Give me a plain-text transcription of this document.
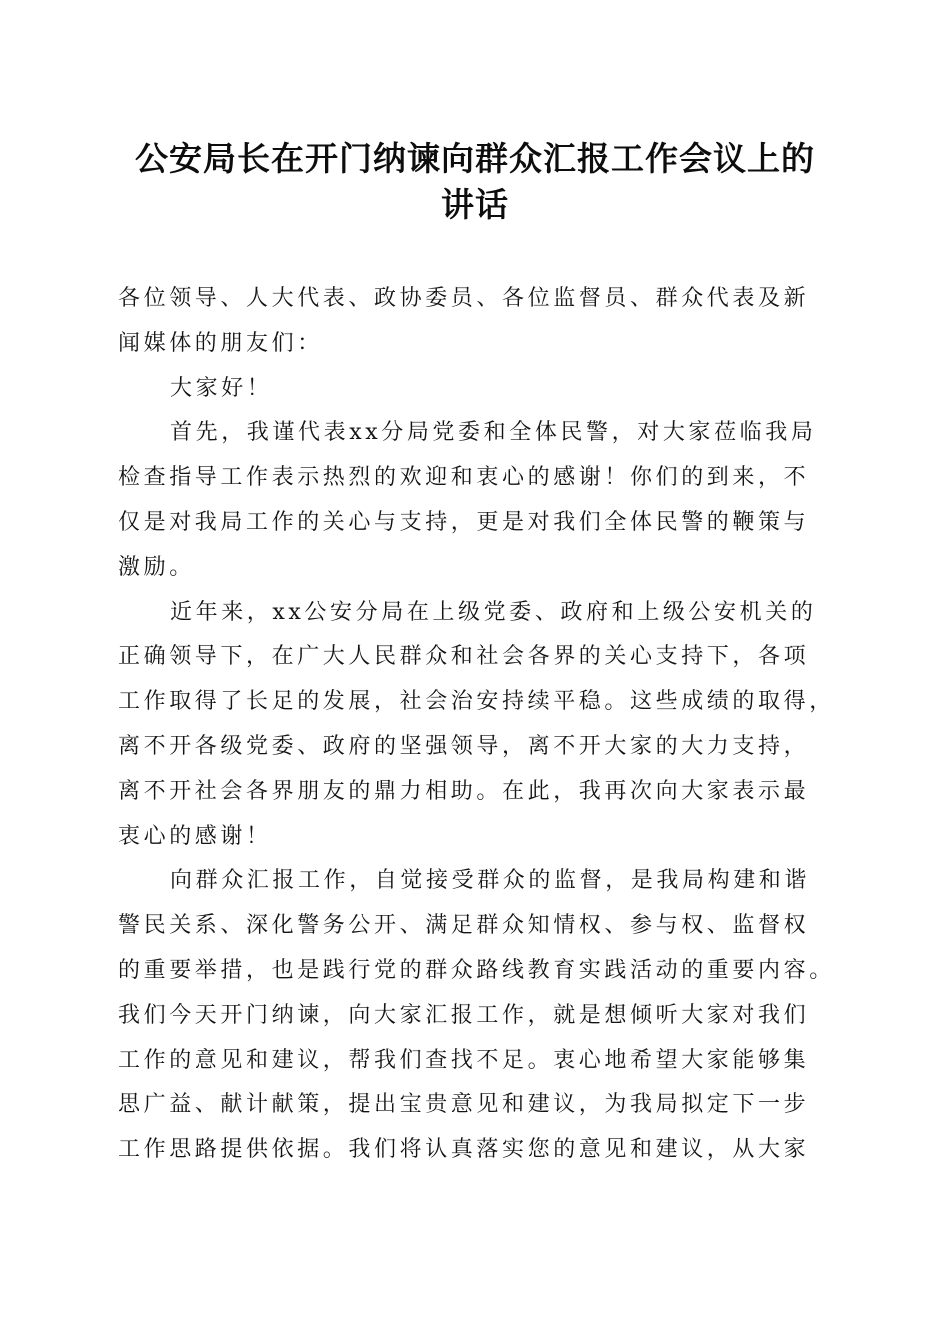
公安局长在开门纳谏向群众汇报工作会议上的
讲话
各位领导、人大代表、政协委员、各位监督员、群众代表及新
闻媒体的朋友们：
大家好！
首先，我谨代表xx分局党委和全体民警，对大家莅临我局
检查指导工作表示热烈的欢迎和衷心的感谢！你们的到来，不
仅是对我局工作的关心与支持，更是对我们全体民警的鞭策与
激励。
近年来，xx公安分局在上级党委、政府和上级公安机关的
正确领导下，在广大人民群众和社会各界的关心支持下，各项
工作取得了长足的发展，社会治安持续平稳。这些成绩的取得，
离不开各级党委、政府的坚强领导，离不开大家的大力支持，
离不开社会各界朋友的鼎力相助。在此，我再次向大家表示最
衷心的感谢！
向群众汇报工作，自觉接受群众的监督，是我局构建和谐
警民关系、深化警务公开、满足群众知情权、参与权、监督权
的重要举措，也是践行党的群众路线教育实践活动的重要内容。
我们今天开门纳谏，向大家汇报工作，就是想倾听大家对我们
工作的意见和建议，帮我们查找不足。衷心地希望大家能够集
思广益、献计献策，提出宝贵意见和建议，为我局拟定下一步
工作思路提供依据。我们将认真落实您的意见和建议，从大家
